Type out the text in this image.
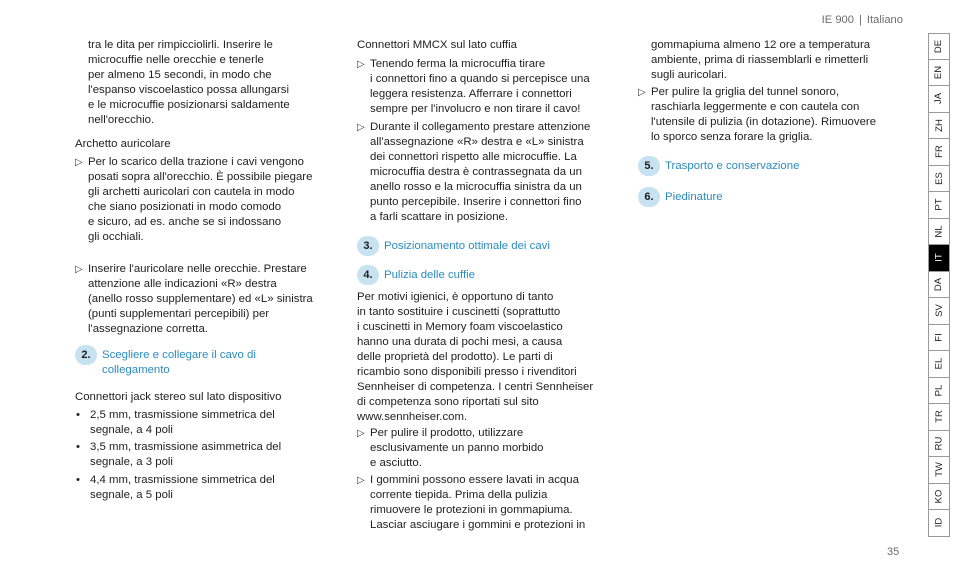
IE 900 | Italiano

tra le dita per rimpicciolirli. Inserire le

microcuffie nelle orecchie e tenerle

per almeno 15 secondi, in modo che

l'espanso viscoelastico possa allungarsi

e le microcuffie posizionarsi saldamente

nell'orecchio.

Archetto auricolare

▷ Per lo scarico della trazione i cavi vengono

posati sopra all'orecchio. È possibile piegare

gli archetti auricolari con cautela in modo

che siano posizionati in modo comodo

e sicuro, ad es. anche se si indossano

gli occhiali.

▷ Inserire l'auricolare nelle orecchie. Prestare

attenzione alle indicazioni «R» destra

(anello rosso supplementare) ed «L» sinistra

(punti supplementari percepibili) per

l'assegnazione corretta.

2.	Scegliere e collegare il cavo di

collegamento

Connettori jack stereo sul lato dispositivo

• 2,5 mm, trasmissione simmetrica del

segnale, a 4 poli

• 3,5 mm, trasmissione asimmetrica del

segnale, a 3 poli

• 4,4 mm, trasmissione simmetrica del

segnale, a 5 poli

Connettori MMCX sul lato cuffia

▷ Tenendo ferma la microcuffia tirare

i connettori fino a quando si percepisce una

leggera resistenza. Afferrare i connettori

sempre per l'involucro e non tirare il cavo!

▷ Durante il collegamento prestare attenzione

all'assegnazione «R» destra e «L» sinistra

dei connettori rispetto alle microcuffie. La

microcuffia destra è contrassegnata da un

anello rosso e la microcuffia sinistra da un

punto percepibile. Inserire i connettori fino

a farli scattare in posizione.

3.	Posizionamento ottimale dei cavi

4.	Pulizia delle cuffie

Per motivi igienici, è opportuno di tanto

in tanto sostituire i cuscinetti (soprattutto

i cuscinetti in Memory foam viscoelastico

hanno una durata di pochi mesi, a causa

delle proprietà del prodotto). Le parti di

ricambio sono disponibili presso i rivenditori

Sennheiser di competenza. I centri Sennheiser

di competenza sono riportati sul sito

www.sennheiser.com.

▷ Per pulire il prodotto, utilizzare

esclusivamente un panno morbido

e asciutto.

▷ I gommini possono essere lavati in acqua

corrente tiepida. Prima della pulizia

rimuovere le protezioni in gommapiuma.

Lasciar asciugare i gommini e protezioni in

gommapiuma almeno 12 ore a temperatura

ambiente, prima di riassemblarli e rimetterli

sugli auricolari.

▷ Per pulire la griglia del tunnel sonoro,

raschiarla leggermente e con cautela con

l'utensile di pulizia (in dotazione). Rimuovere

lo sporco senza forare la griglia.

5.	Trasporto e conservazione

6.	Piedinature

DE
EN
JA
ZH
FR
ES
PT
NL
IT
DA
SV
FI
EL
PL
TR
RU
TW
KO
ID
35
